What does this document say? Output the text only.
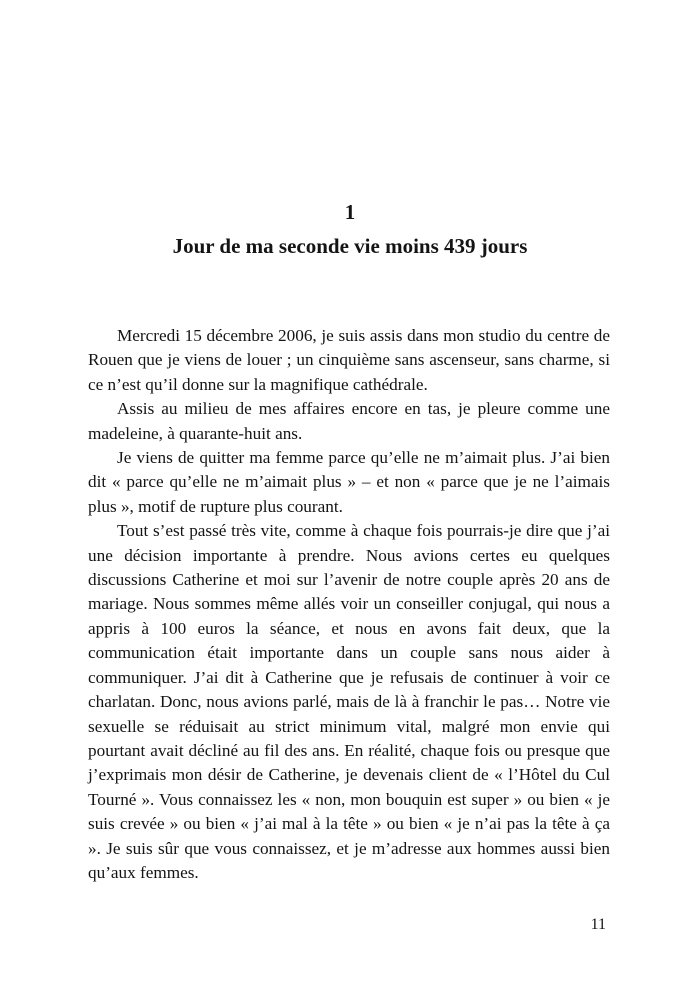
1
Jour de ma seconde vie moins 439 jours

Mercredi 15 décembre 2006, je suis assis dans mon studio du centre de Rouen que je viens de louer ; un cinquième sans ascenseur, sans charme, si ce n’est qu’il donne sur la magnifique cathédrale.

Assis au milieu de mes affaires encore en tas, je pleure comme une madeleine, à quarante-huit ans.

Je viens de quitter ma femme parce qu’elle ne m’aimait plus. J’ai bien dit « parce qu’elle ne m’aimait plus » – et non « parce que je ne l’aimais plus », motif de rupture plus courant.

Tout s’est passé très vite, comme à chaque fois pourrais-je dire que j’ai une décision importante à prendre. Nous avions certes eu quelques discussions Catherine et moi sur l’avenir de notre couple après 20 ans de mariage. Nous sommes même allés voir un conseiller conjugal, qui nous a appris à 100 euros la séance, et nous en avons fait deux, que la communication était importante dans un couple sans nous aider à communiquer. J’ai dit à Catherine que je refusais de continuer à voir ce charlatan. Donc, nous avions parlé, mais de là à franchir le pas… Notre vie sexuelle se réduisait au strict minimum vital, malgré mon envie qui pourtant avait décliné au fil des ans. En réalité, chaque fois ou presque que j’exprimais mon désir de Catherine, je devenais client de « l’Hôtel du Cul Tourné ». Vous connaissez les « non, mon bouquin est super » ou bien « je suis crevée » ou bien « j’ai mal à la tête » ou bien « je n’ai pas la tête à ça ». Je suis sûr que vous connaissez, et je m’adresse aux hommes aussi bien qu’aux femmes.

11
